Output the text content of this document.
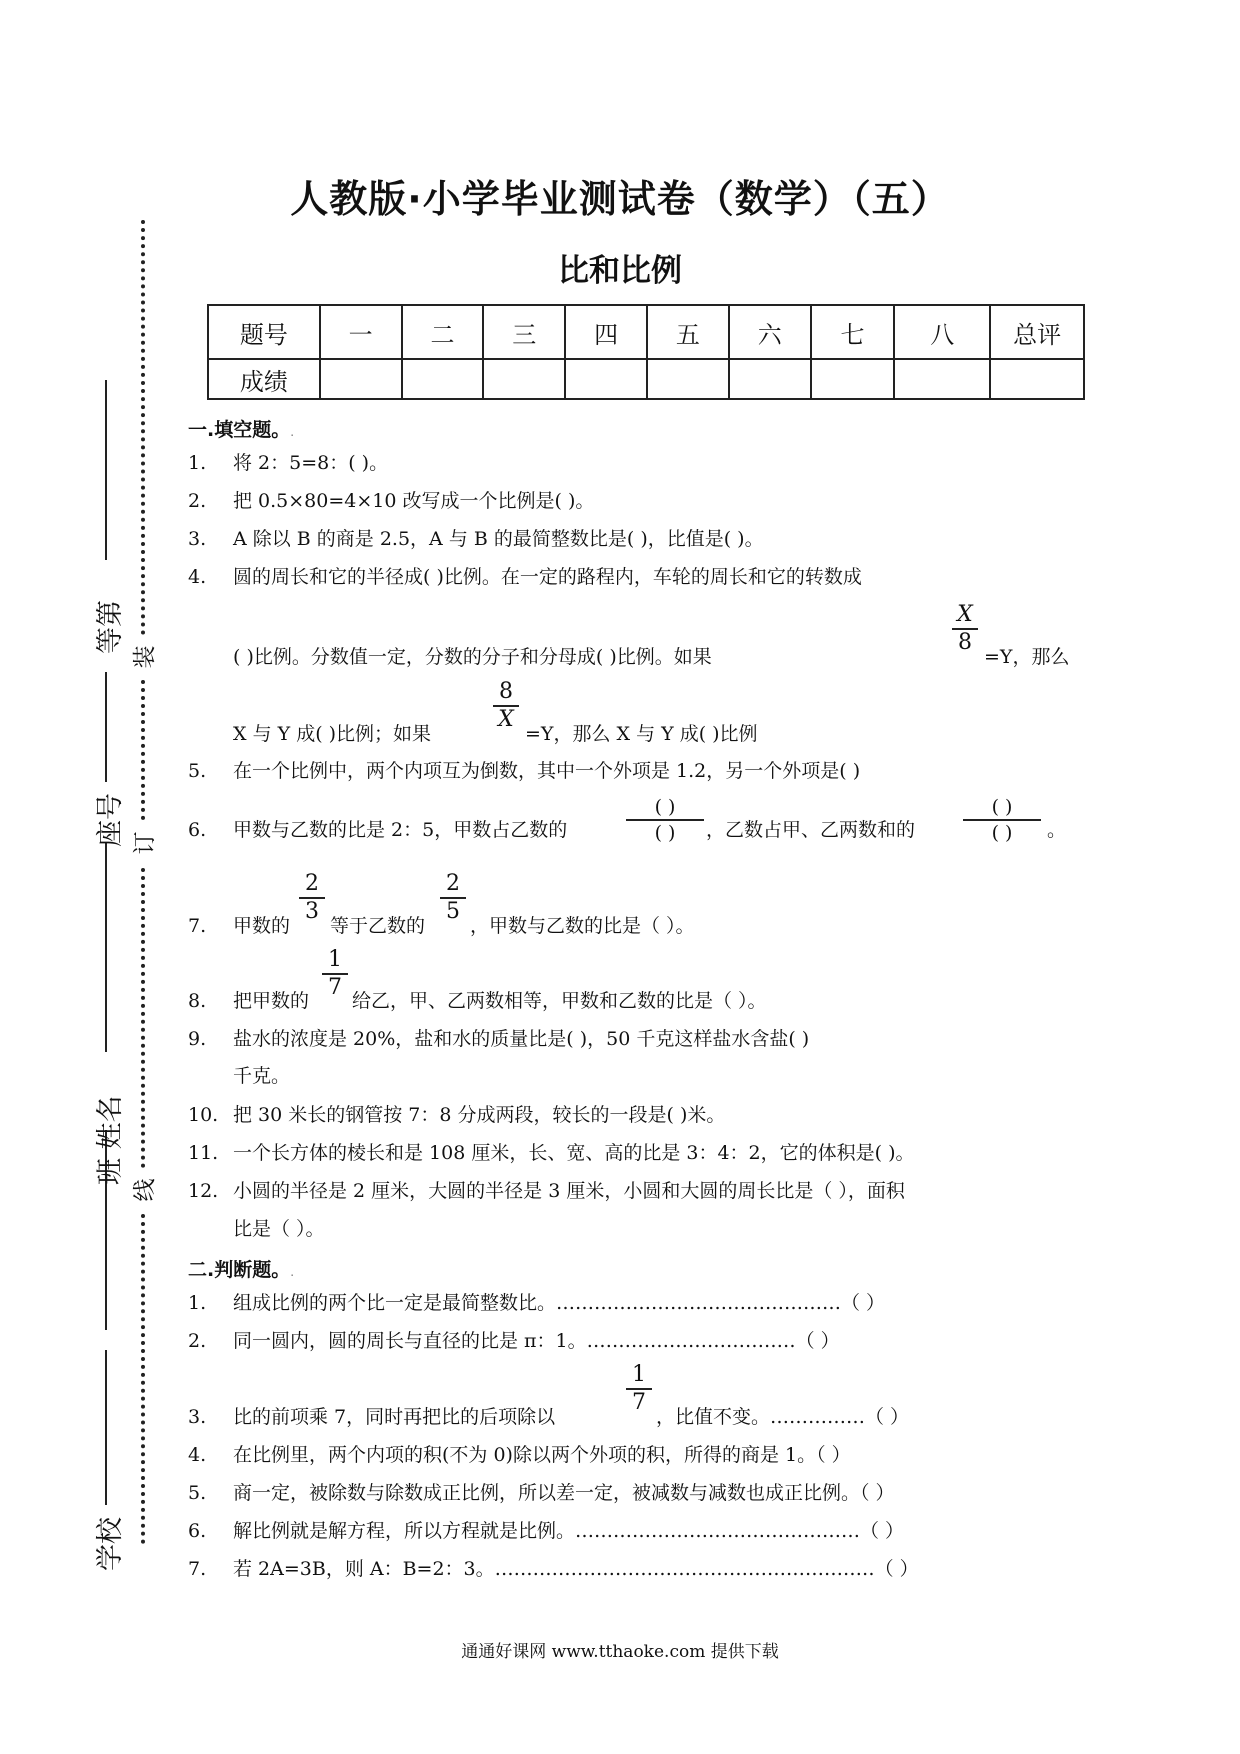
人教版·小学毕业测试卷（数学）（五）
比和比例
题号	一	二	三	四	五	六	七	八	总评
成绩									
一.填空题。.
1. 将 2：5=8：( )。
2. 把 0.5×80=4×10 改写成一个比例是( )。
3. A 除以 B 的商是 2.5，A 与 B 的最简整数比是( )，比值是( )。
4. 圆的周长和它的半径成( )比例。在一定的路程内，车轮的周长和它的转数成
( )比例。分数值一定，分数的分子和分母成( )比例。如果
$\frac{X}{8}$
=Y，那么
X 与 Y 成( )比例；如果
$\frac{8}{X}$
=Y，那么 X 与 Y 成( )比例
5. 在一个比例中，两个内项互为倒数，其中一个外项是 1.2，另一个外项是( )
6. 甲数与乙数的比是 2：5，甲数占乙数的
( )
( )	，乙数占甲、乙两数和的
( )
( )	。
7. 甲数的
$\frac{2}{3}$
等于乙数的
$\frac{2}{5}$
，甲数与乙数的比是（ ）。
8. 把甲数的 $\frac{1}{7}$ 给乙，甲、乙两数相等，甲数和乙数的比是（ ）。
9. 盐水的浓度是 20%，盐和水的质量比是( )，50 千克这样盐水含盐( )
千克。
10. 把 30 米长的钢管按 7：8 分成两段，较长的一段是( )米。
11. 一个长方体的棱长和是 108 厘米，长、宽、高的比是 3：4：2，它的体积是( )。
12. 小圆的半径是 2 厘米，大圆的半径是 3 厘米，小圆和大圆的周长比是（ ），面积
比是（ ）。
二.判断题。.
1. 组成比例的两个比一定是最简整数比。………………………………………（ ）
2. 同一圆内，圆的周长与直径的比是 π：1。……………………………（ ）
3. 比的前项乘 7，同时再把比的后项除以
$\frac{1}{7}$
，比值不变。……………（ ）
4. 在比例里，两个内项的积(不为 0)除以两个外项的积，所得的商是 1。（ ）
5. 商一定，被除数与除数成正比例，所以差一定，被减数与减数也成正比例。（ ）
6. 解比例就是解方程，所以方程就是比例。………………………………………（ ）
7. 若 2A=3B，则 A：B=2：3。……………………………………………………（ ）
等第
座号
班 姓名
学校
装
订
线
通通好课网 www.tthaoke.com 提供下载
